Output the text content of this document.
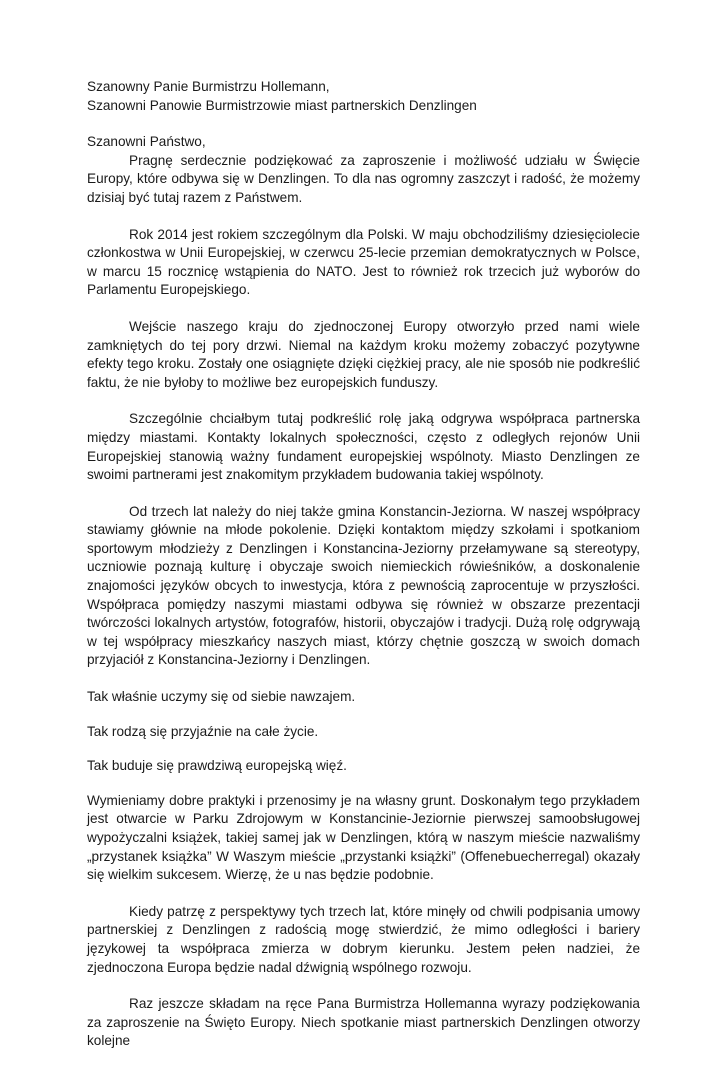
Szanowny Panie Burmistrzu Hollemann,

Szanowni Panowie Burmistrzowie miast partnerskich Denzlingen

Szanowni Państwo,

Pragnę serdecznie podziękować za zaproszenie i możliwość udziału w Święcie Europy, które odbywa się w Denzlingen. To dla nas ogromny zaszczyt i radość, że możemy dzisiaj być tutaj razem z Państwem.

Rok 2014 jest rokiem szczególnym dla Polski. W maju obchodziliśmy dziesięciolecie członkostwa w Unii Europejskiej, w czerwcu 25-lecie przemian demokratycznych w Polsce, w marcu 15 rocznicę wstąpienia do NATO. Jest to również rok trzecich już wyborów do Parlamentu Europejskiego.

Wejście naszego kraju do zjednoczonej Europy otworzyło przed nami wiele zamkniętych do tej pory drzwi. Niemal na każdym kroku możemy zobaczyć pozytywne efekty tego kroku. Zostały one osiągnięte dzięki ciężkiej pracy, ale nie sposób nie podkreślić faktu, że nie byłoby to możliwe bez europejskich funduszy.

Szczególnie chciałbym tutaj podkreślić rolę jaką odgrywa współpraca partnerska między miastami. Kontakty lokalnych społeczności, często z odległych rejonów Unii Europejskiej stanowią ważny fundament europejskiej wspólnoty. Miasto Denzlingen ze swoimi partnerami jest znakomitym przykładem budowania takiej wspólnoty.

Od trzech lat należy do niej także gmina Konstancin-Jeziorna. W naszej współpracy stawiamy głównie na młode pokolenie. Dzięki kontaktom między szkołami i spotkaniom sportowym młodzieży z Denzlingen i Konstancina-Jeziorny przełamywane są stereotypy, uczniowie poznają kulturę i obyczaje swoich niemieckich rówieśników, a doskonalenie znajomości języków obcych to inwestycja, która z pewnością zaprocentuje w przyszłości. Współpraca pomiędzy naszymi miastami odbywa się również w obszarze prezentacji twórczości lokalnych artystów, fotografów, historii, obyczajów i tradycji. Dużą rolę odgrywają w tej współpracy mieszkańcy naszych miast, którzy chętnie goszczą w swoich domach przyjaciół z Konstancina-Jeziorny i Denzlingen.

Tak właśnie uczymy się od siebie nawzajem.

Tak rodzą się przyjaźnie na całe życie.

Tak buduje się prawdziwą europejską więź.

Wymieniamy dobre praktyki i przenosimy je na własny grunt. Doskonałym tego przykładem jest otwarcie w Parku Zdrojowym w Konstancinie-Jeziornie pierwszej samoobsługowej wypożyczalni książek, takiej samej jak w Denzlingen, którą w naszym mieście nazwaliśmy „przystanek książka” W Waszym mieście „przystanki książki” (Offenebuecherregal) okazały się wielkim sukcesem. Wierzę, że u nas będzie podobnie.

Kiedy patrzę z perspektywy tych trzech lat, które minęły od chwili podpisania umowy partnerskiej z Denzlingen z radością mogę stwierdzić, że mimo odległości i bariery językowej ta współpraca zmierza w dobrym kierunku. Jestem pełen nadziei, że zjednoczona Europa będzie nadal dźwignią wspólnego rozwoju.

Raz jeszcze składam na ręce Pana Burmistrza Hollemanna wyrazy podziękowania za zaproszenie na Święto Europy. Niech spotkanie miast partnerskich Denzlingen otworzy kolejne
